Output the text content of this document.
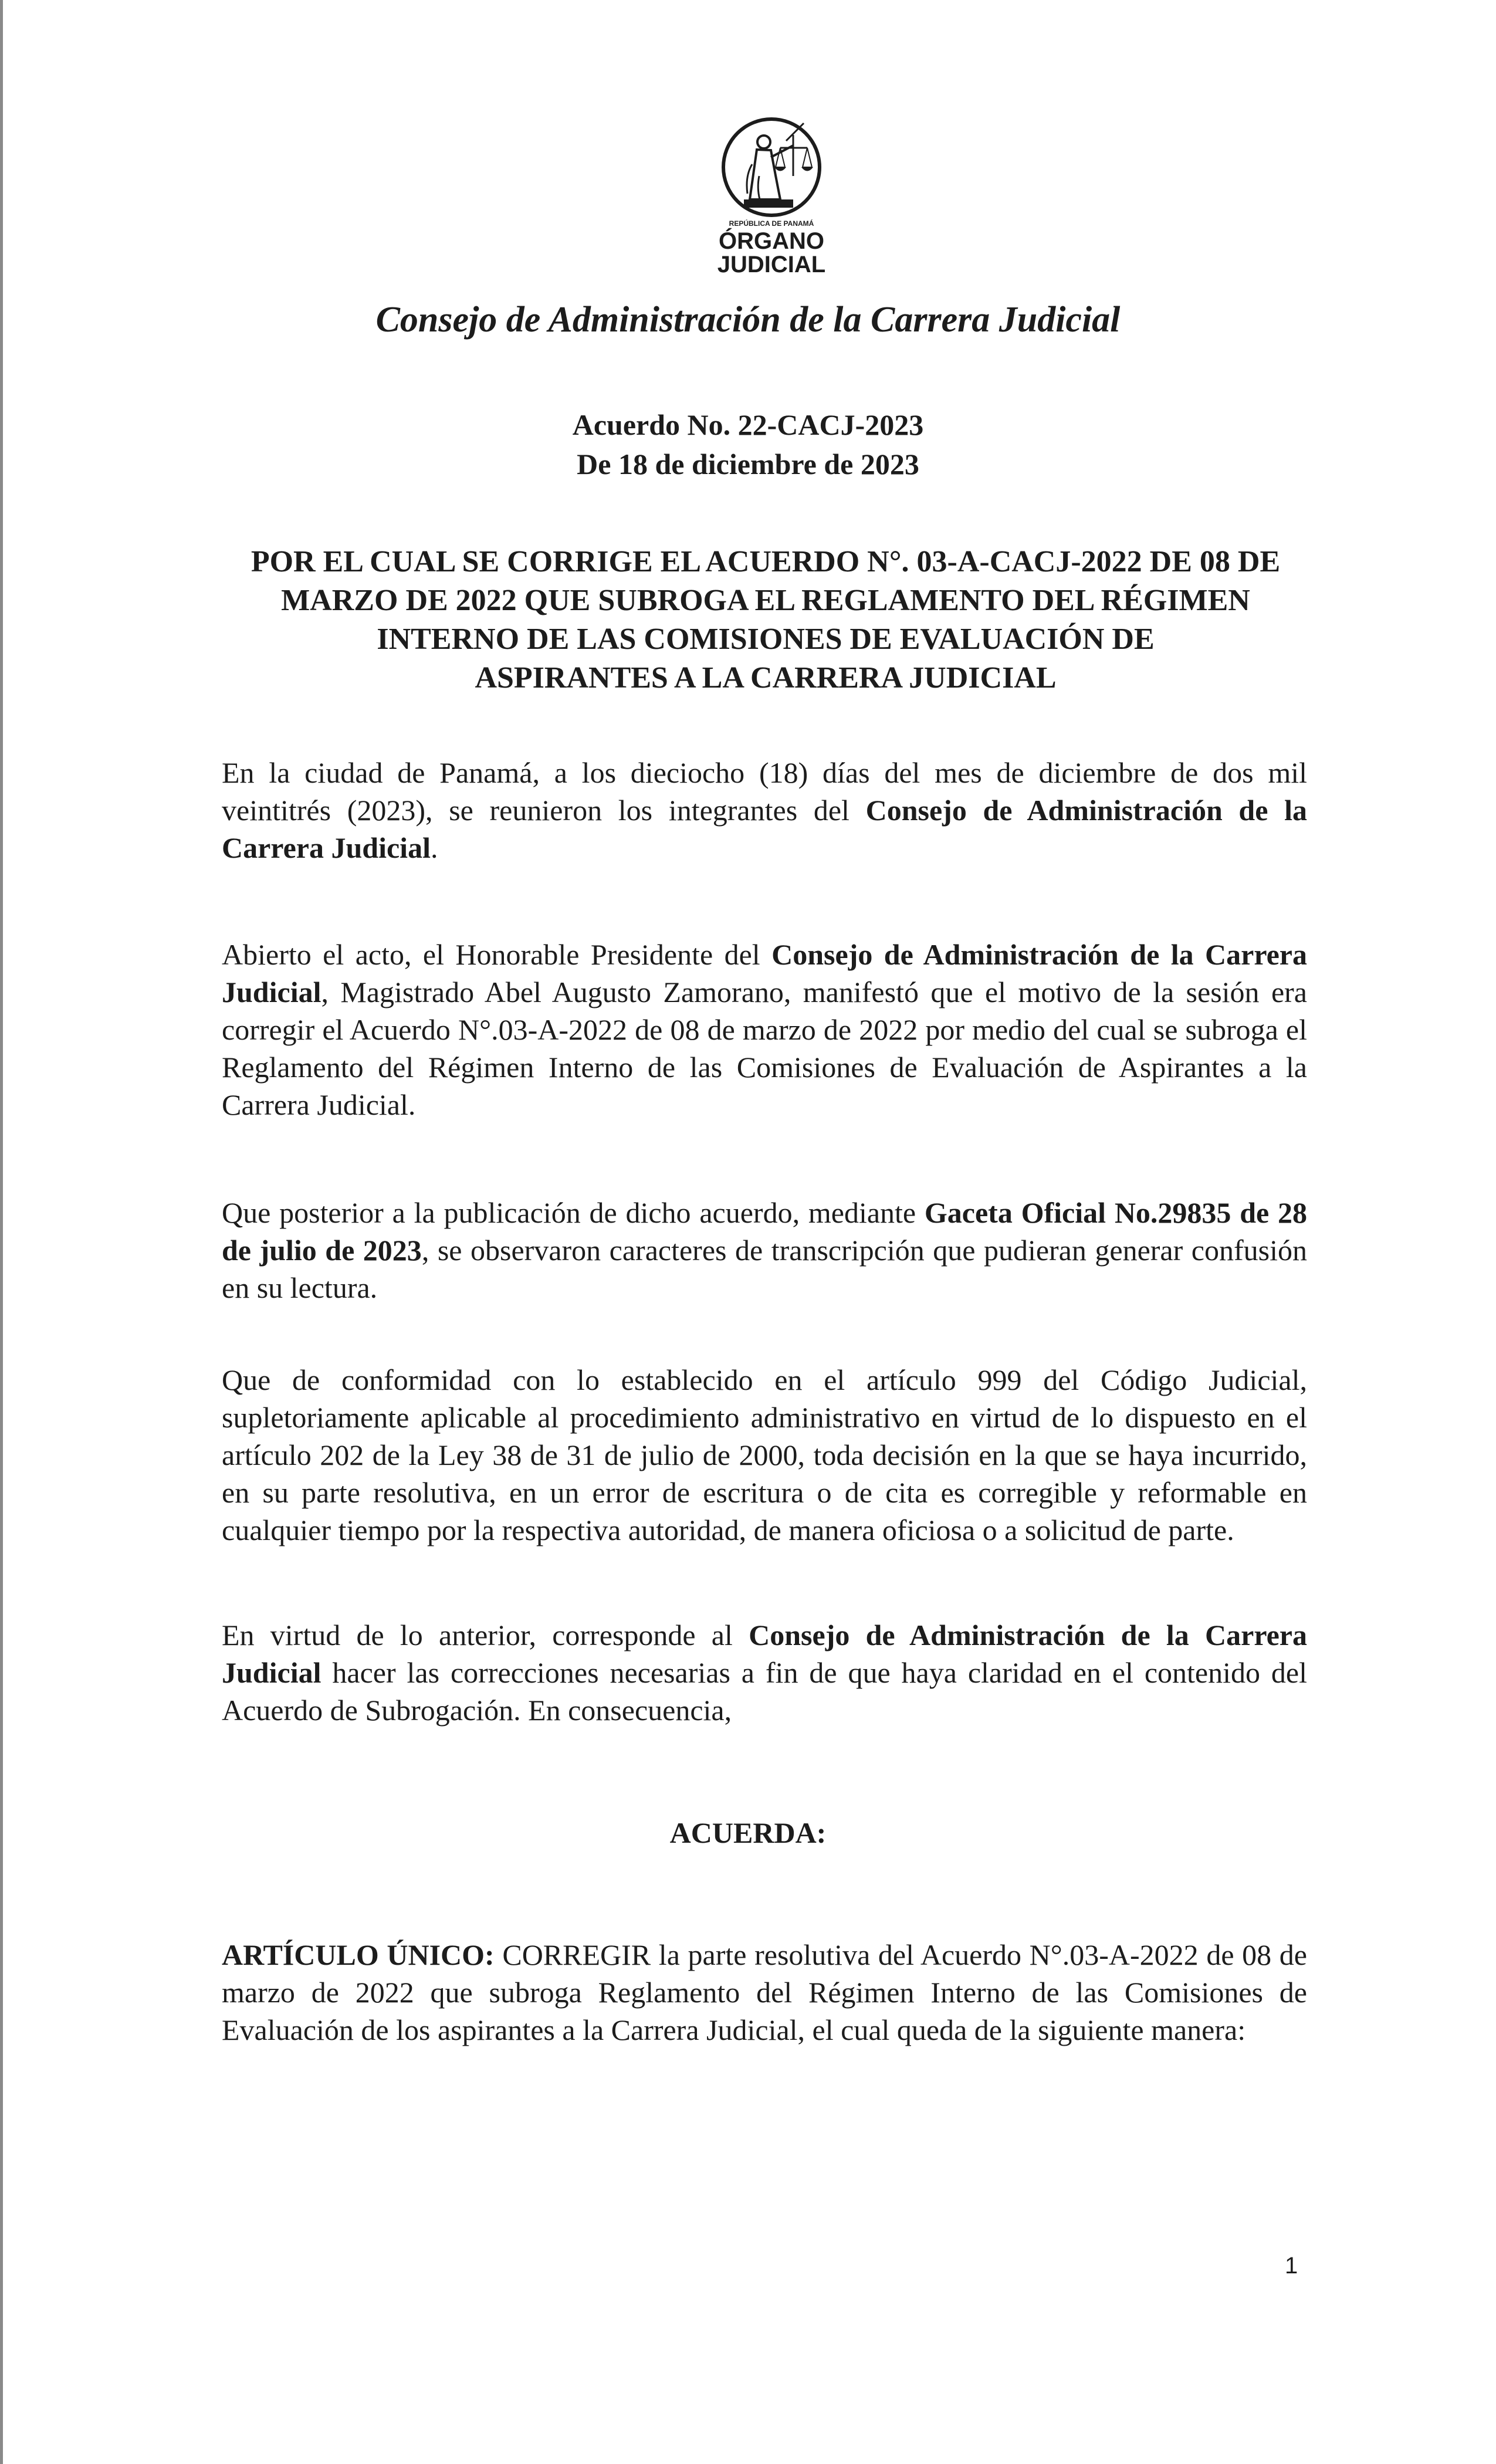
REPÚBLICA DE PANAMÁ
ÓRGANO
JUDICIAL
Consejo de Administración de la Carrera Judicial
Acuerdo No. 22-CACJ-2023
De 18 de diciembre de 2023
POR EL CUAL SE CORRIGE EL ACUERDO N°. 03-A-CACJ-2022 DE 08 DE
MARZO DE 2022 QUE SUBROGA EL REGLAMENTO DEL RÉGIMEN
INTERNO DE LAS COMISIONES DE EVALUACIÓN DE
ASPIRANTES A LA CARRERA JUDICIAL

En la ciudad de Panamá, a los dieciocho (18) días del mes de diciembre de dos mil veintitrés (2023), se reunieron los integrantes del Consejo de Administración de la Carrera Judicial.

Abierto el acto, el Honorable Presidente del Consejo de Administración de la Carrera Judicial, Magistrado Abel Augusto Zamorano, manifestó que el motivo de la sesión era corregir el Acuerdo N°.03-A-2022 de 08 de marzo de 2022 por medio del cual se subroga el Reglamento del Régimen Interno de las Comisiones de Evaluación de Aspirantes a la Carrera Judicial.

Que posterior a la publicación de dicho acuerdo, mediante Gaceta Oficial No.29835 de 28 de julio de 2023, se observaron caracteres de transcripción que pudieran generar confusión en su lectura.

Que de conformidad con lo establecido en el artículo 999 del Código Judicial, supletoriamente aplicable al procedimiento administrativo en virtud de lo dispuesto en el artículo 202 de la Ley 38 de 31 de julio de 2000, toda decisión en la que se haya incurrido, en su parte resolutiva, en un error de escritura o de cita es corregible y reformable en cualquier tiempo por la respectiva autoridad, de manera oficiosa o a solicitud de parte.

En virtud de lo anterior, corresponde al Consejo de Administración de la Carrera Judicial hacer las correcciones necesarias a fin de que haya claridad en el contenido del Acuerdo de Subrogación. En consecuencia,

ACUERDA:

ARTÍCULO ÚNICO: CORREGIR la parte resolutiva del Acuerdo N°.03-A-2022 de 08 de marzo de 2022 que subroga Reglamento del Régimen Interno de las Comisiones de Evaluación de los aspirantes a la Carrera Judicial, el cual queda de la siguiente manera:

1
